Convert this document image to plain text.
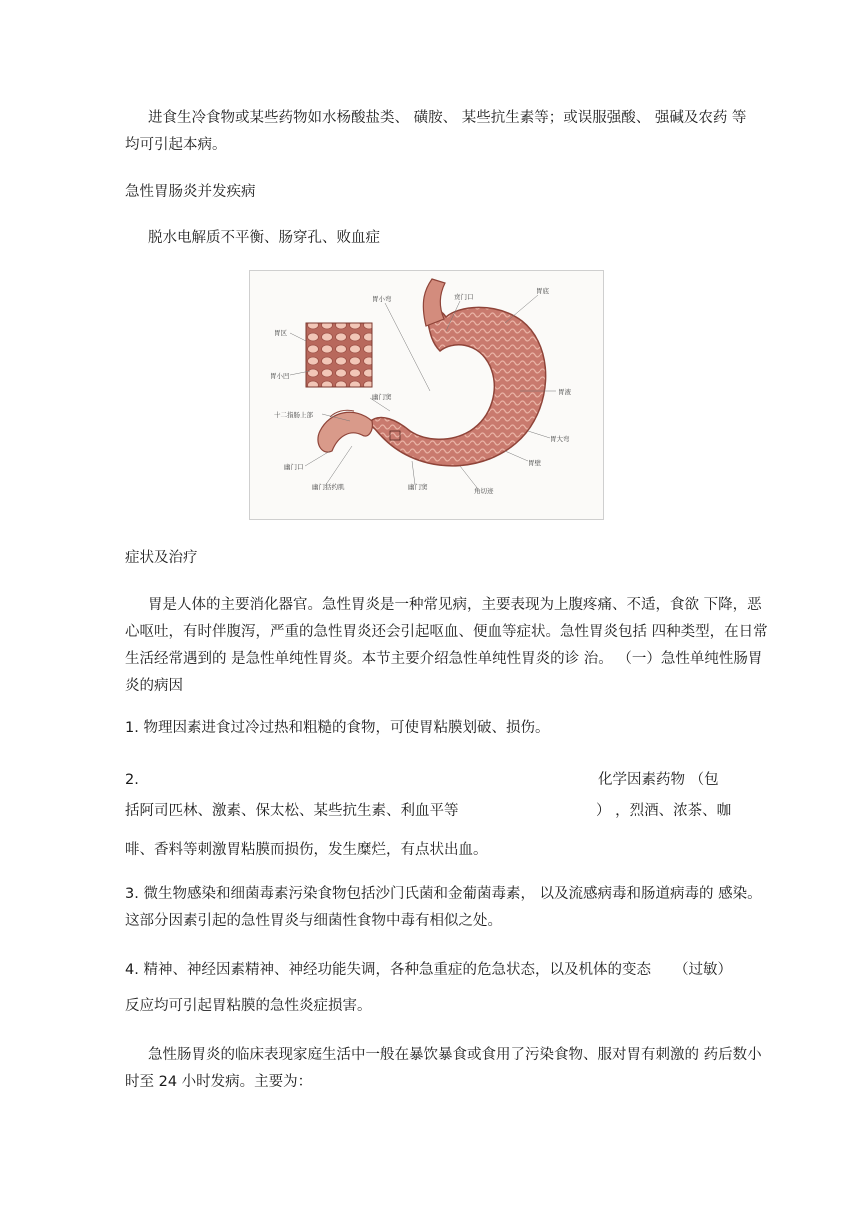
进食生冷食物或某些药物如水杨酸盐类、 磺胺、 某些抗生素等；或误服强酸、 强碱及农药 等
均可引起本病。
急性胃肠炎并发疾病
脱水电解质不平衡、肠穿孔、败血症
胃小弯	贲门口
胃底
胃区
胃小凹
十二指肠上部
幽门窦
胃液
胃大弯
胃壁
幽门口
幽门括约肌	幽门窦	角切迹
症状及治疗
胃是人体的主要消化器官。急性胃炎是一种常见病，主要表现为上腹疼痛、不适，食欲 下降，恶
心呕吐，有时伴腹泻，严重的急性胃炎还会引起呕血、便血等症状。急性胃炎包括 四种类型，在日常
生活经常遇到的 是急性单纯性胃炎。本节主要介绍急性单纯性胃炎的诊 治。 （一）急性单纯性肠胃
炎的病因
1. 物理因素进食过冷过热和粗糙的食物，可使胃粘膜划破、损伤。
2.	化学因素药物 （包
括阿司匹林、激素、保太松、某些抗生素、利血平等	） ，烈酒、浓茶、咖
啡、香料等刺激胃粘膜而损伤，发生糜烂，有点状出血。
3. 微生物感染和细菌毒素污染食物包括沙门氏菌和金葡菌毒素， 以及流感病毒和肠道病毒的 感染。
这部分因素引起的急性胃炎与细菌性食物中毒有相似之处。
4. 精神、神经因素精神、神经功能失调，各种急重症的危急状态，以及机体的变态 （过敏）
反应均可引起胃粘膜的急性炎症损害。
急性肠胃炎的临床表现家庭生活中一般在暴饮暴食或食用了污染食物、服对胃有刺激的 药后数小
时至 24 小时发病。主要为：
